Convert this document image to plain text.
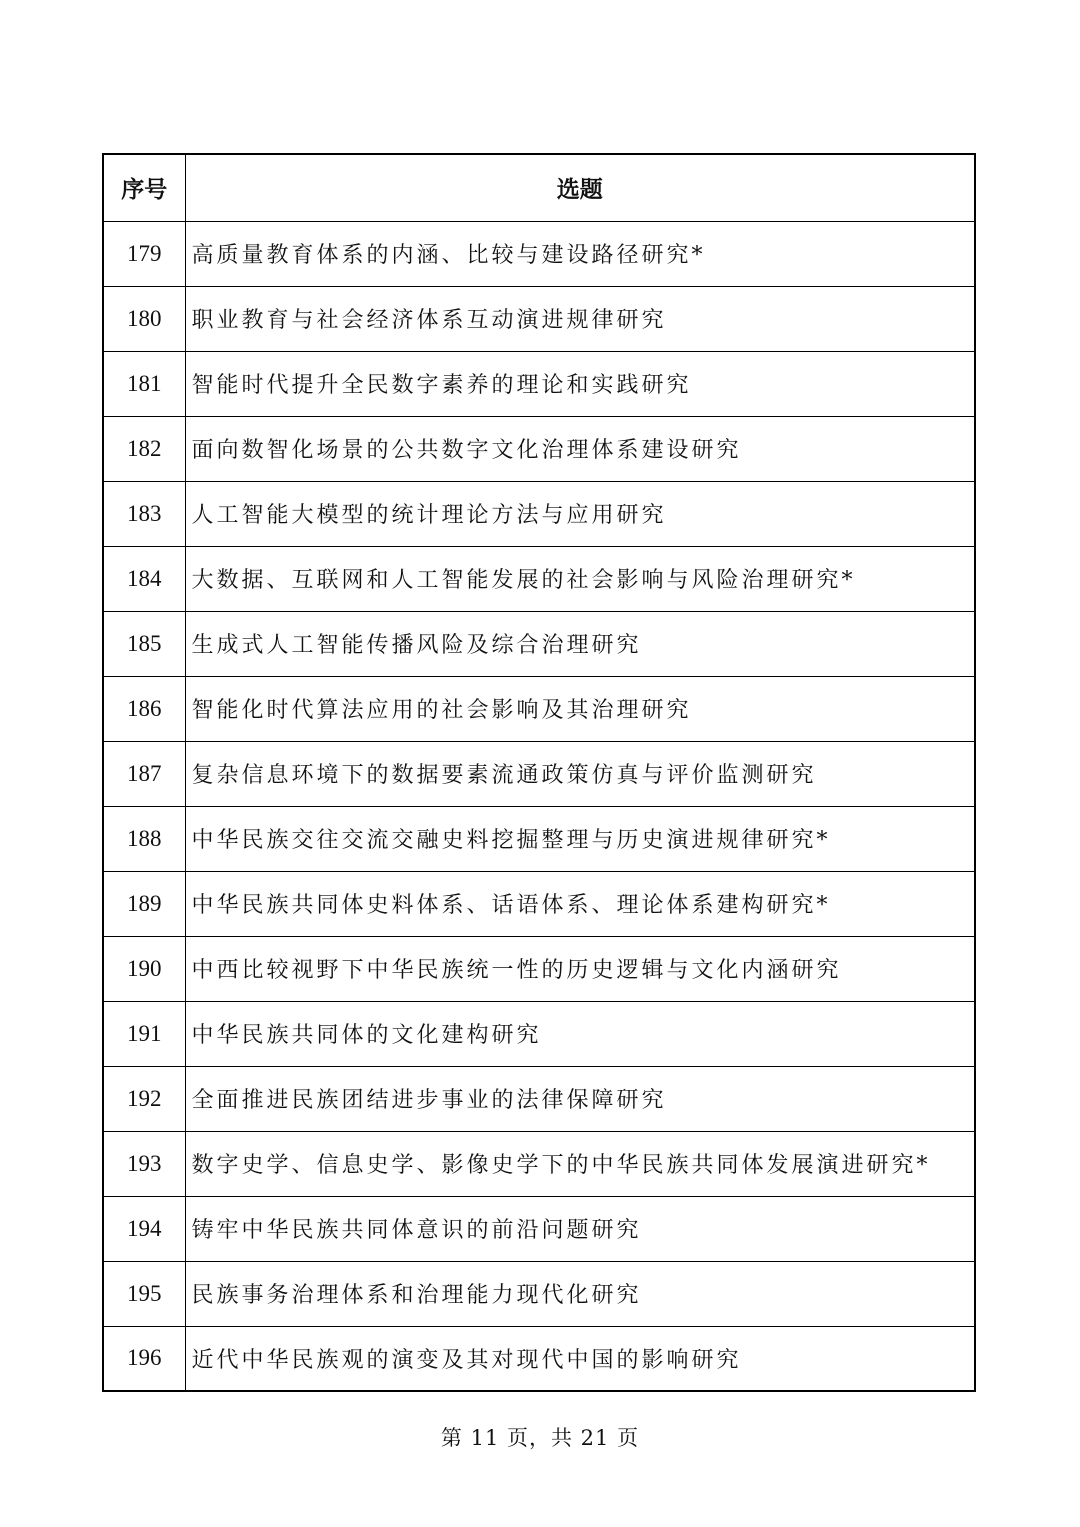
序号	选题
179	高质量教育体系的内涵、比较与建设路径研究*
180	职业教育与社会经济体系互动演进规律研究
181	智能时代提升全民数字素养的理论和实践研究
182	面向数智化场景的公共数字文化治理体系建设研究
183	人工智能大模型的统计理论方法与应用研究
184	大数据、互联网和人工智能发展的社会影响与风险治理研究*
185	生成式人工智能传播风险及综合治理研究
186	智能化时代算法应用的社会影响及其治理研究
187	复杂信息环境下的数据要素流通政策仿真与评价监测研究
188	中华民族交往交流交融史料挖掘整理与历史演进规律研究*
189	中华民族共同体史料体系、话语体系、理论体系建构研究*
190	中西比较视野下中华民族统一性的历史逻辑与文化内涵研究
191	中华民族共同体的文化建构研究
192	全面推进民族团结进步事业的法律保障研究
193	数字史学、信息史学、影像史学下的中华民族共同体发展演进研究*
194	铸牢中华民族共同体意识的前沿问题研究
195	民族事务治理体系和治理能力现代化研究
196	近代中华民族观的演变及其对现代中国的影响研究
第 11 页，共 21 页
